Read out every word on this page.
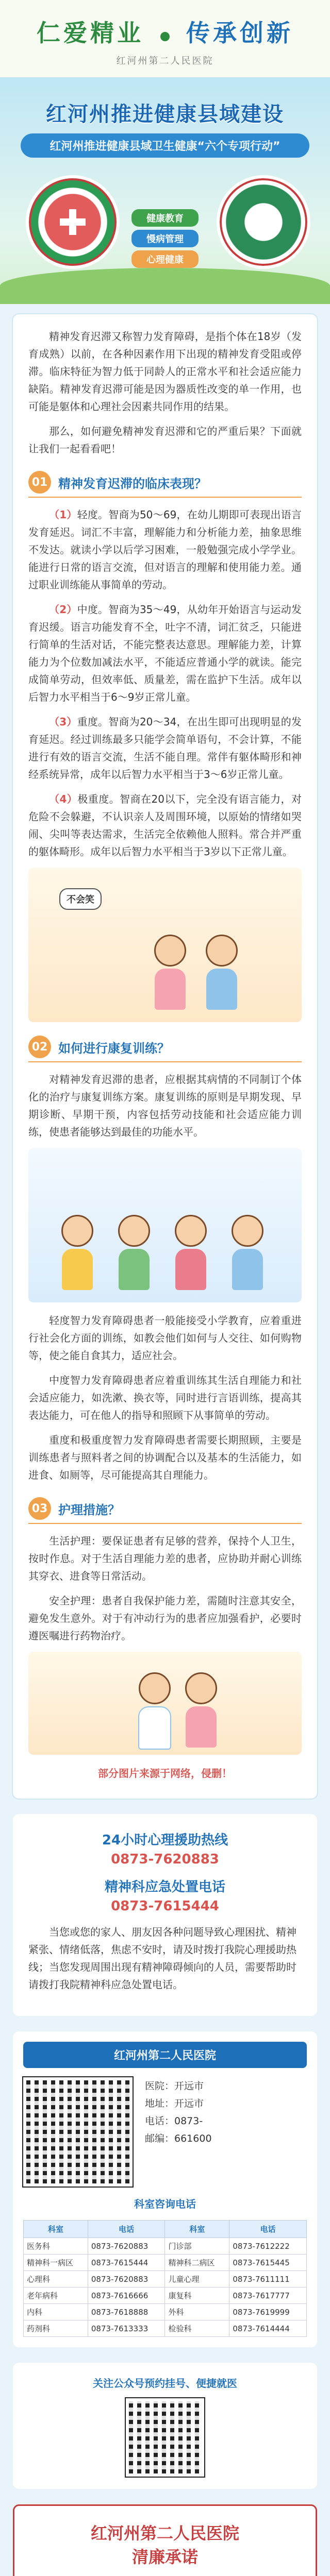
仁爱精业 传承创新
红河州第二人民医院
红河州推进健康县域建设
红河州推进健康县域卫生健康“六个专项行动”
健康教育
慢病管理
心理健康

精神发育迟滞又称智力发育障碍，是指个体在18岁（发育成熟）以前，在各种因素作用下出现的精神发育受阻或停滞。临床特征为智力低于同龄人的正常水平和社会适应能力缺陷。精神发育迟滞可能是因为器质性改变的单一作用，也可能是躯体和心理社会因素共同作用的结果。

那么，如何避免精神发育迟滞和它的严重后果？下面就让我们一起看看吧！

01 精神发育迟滞的临床表现？

（1）轻度。智商为50～69，在幼儿期即可表现出语言发育延迟。词汇不丰富，理解能力和分析能力差，抽象思维不发达。就读小学以后学习困难，一般勉强完成小学学业。能进行日常的语言交流，但对语言的理解和使用能力差。通过职业训练能从事简单的劳动。

（2）中度。智商为35～49，从幼年开始语言与运动发育迟缓。语言功能发育不全，吐字不清，词汇贫乏，只能进行简单的生活对话，不能完整表达意思。理解能力差，计算能力为个位数加减法水平，不能适应普通小学的就读。能完成简单劳动，但效率低、质量差，需在监护下生活。成年以后智力水平相当于6～9岁正常儿童。

（3）重度。智商为20～34，在出生即可出现明显的发育延迟。经过训练最多只能学会简单语句，不会计算，不能进行有效的语言交流，生活不能自理。常伴有躯体畸形和神经系统异常，成年以后智力水平相当于3～6岁正常儿童。

（4）极重度。智商在20以下，完全没有语言能力，对危险不会躲避，不认识亲人及周围环境，以原始的情绪如哭闹、尖叫等表达需求，生活完全依赖他人照料。常合并严重的躯体畸形。成年以后智力水平相当于3岁以下正常儿童。

不会笑
02 如何进行康复训练？

对精神发育迟滞的患者，应根据其病情的不同制订个体化的治疗与康复训练方案。康复训练的原则是早期发现、早期诊断、早期干预，内容包括劳动技能和社会适应能力训练，使患者能够达到最佳的功能水平。

轻度智力发育障碍患者一般能接受小学教育，应着重进行社会化方面的训练，如教会他们如何与人交往、如何购物等，使之能自食其力，适应社会。

中度智力发育障碍患者应着重训练其生活自理能力和社会适应能力，如洗漱、换衣等，同时进行言语训练，提高其表达能力，可在他人的指导和照顾下从事简单的劳动。

重度和极重度智力发育障碍患者需要长期照顾，主要是训练患者与照料者之间的协调配合以及基本的生活能力，如进食、如厕等，尽可能提高其自理能力。

03 护理措施？

生活护理：要保证患者有足够的营养，保持个人卫生，按时作息。对于生活自理能力差的患者，应协助并耐心训练其穿衣、进食等日常活动。

安全护理：患者自我保护能力差，需随时注意其安全，避免发生意外。对于有冲动行为的患者应加强看护，必要时遵医嘱进行药物治疗。

部分图片来源于网络，侵删！
24小时心理援助热线
0873-7620883
精神科应急处置电话
0873-7615444

当您或您的家人、朋友因各种问题导致心理困扰、精神紧张、情绪低落，焦虑不安时，请及时拨打我院心理援助热线；当您发现周围出现有精神障碍倾向的人员，需要帮助时请拨打我院精神科应急处置电话。

红河州第二人民医院
医院：开远市
地址：开远市
电话：0873-
邮编：661600
科室咨询电话
科室	电话	科室	电话
医务科	0873-7620883	门诊部	0873-7612222
精神科一病区	0873-7615444	精神科二病区	0873-7615445
心理科	0873-7620883	儿童心理	0873-7611111
老年病科	0873-7616666	康复科	0873-7617777
内科	0873-7618888	外科	0873-7619999
药剂科	0873-7613333	检验科	0873-7614444
关注公众号预约挂号、便捷就医
红河州第二人民医院
清廉承诺
